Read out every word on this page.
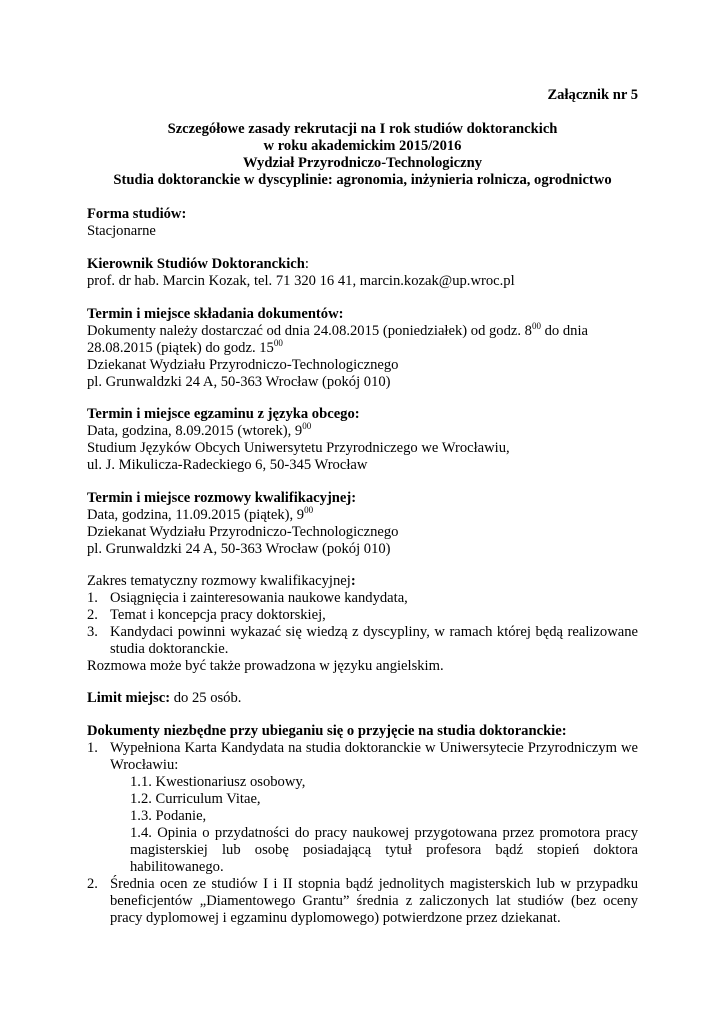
Załącznik nr 5

Szczegółowe zasady rekrutacji na I rok studiów doktoranckich

w roku akademickim 2015/2016

Wydział Przyrodniczo-Technologiczny

Studia doktoranckie w dyscyplinie: agronomia, inżynieria rolnicza, ogrodnictwo

Forma studiów:

Stacjonarne

Kierownik Studiów Doktoranckich:

prof. dr hab. Marcin Kozak, tel. 71 320 16 41, marcin.kozak@up.wroc.pl

Termin i miejsce składania dokumentów:

Dokumenty należy dostarczać od dnia 24.08.2015 (poniedziałek) od godz. $8^{00}$ do dnia

28.08.2015 (piątek) do godz. $15^{00}$

Dziekanat Wydziału Przyrodniczo-Technologicznego

pl. Grunwaldzki 24 A, 50-363 Wrocław (pokój 010)

Termin i miejsce egzaminu z języka obcego:

Data, godzina, 8.09.2015 (wtorek), $9^{00}$

Studium Języków Obcych Uniwersytetu Przyrodniczego we Wrocławiu,

ul. J. Mikulicza-Radeckiego 6, 50-345 Wrocław

Termin i miejsce rozmowy kwalifikacyjnej:

Data, godzina, 11.09.2015 (piątek), $9^{00}$

Dziekanat Wydziału Przyrodniczo-Technologicznego

pl. Grunwaldzki 24 A, 50-363 Wrocław (pokój 010)

Zakres tematyczny rozmowy kwalifikacyjnej:

1. Osiągnięcia i zainteresowania naukowe kandydata,
2. Temat i koncepcja pracy doktorskiej,
3. Kandydaci powinni wykazać się wiedzą z dyscypliny, w ramach której będą realizowane studia doktoranckie.

Rozmowa może być także prowadzona w języku angielskim.

Limit miejsc: do 25 osób.

Dokumenty niezbędne przy ubieganiu się o przyjęcie na studia doktoranckie:

1. Wypełniona Karta Kandydata na studia doktoranckie w Uniwersytecie Przyrodniczym we Wrocławiu:
1.1. Kwestionariusz osobowy,
1.2. Curriculum Vitae,
1.3. Podanie,
1.4. Opinia o przydatności do pracy naukowej przygotowana przez promotora pracy magisterskiej lub osobę posiadającą tytuł profesora bądź stopień doktora habilitowanego.
2. Średnia ocen ze studiów I i II stopnia bądź jednolitych magisterskich lub w przypadku beneficjentów „Diamentowego Grantu” średnia z zaliczonych lat studiów (bez oceny pracy dyplomowej i egzaminu dyplomowego) potwierdzone przez dziekanat.
